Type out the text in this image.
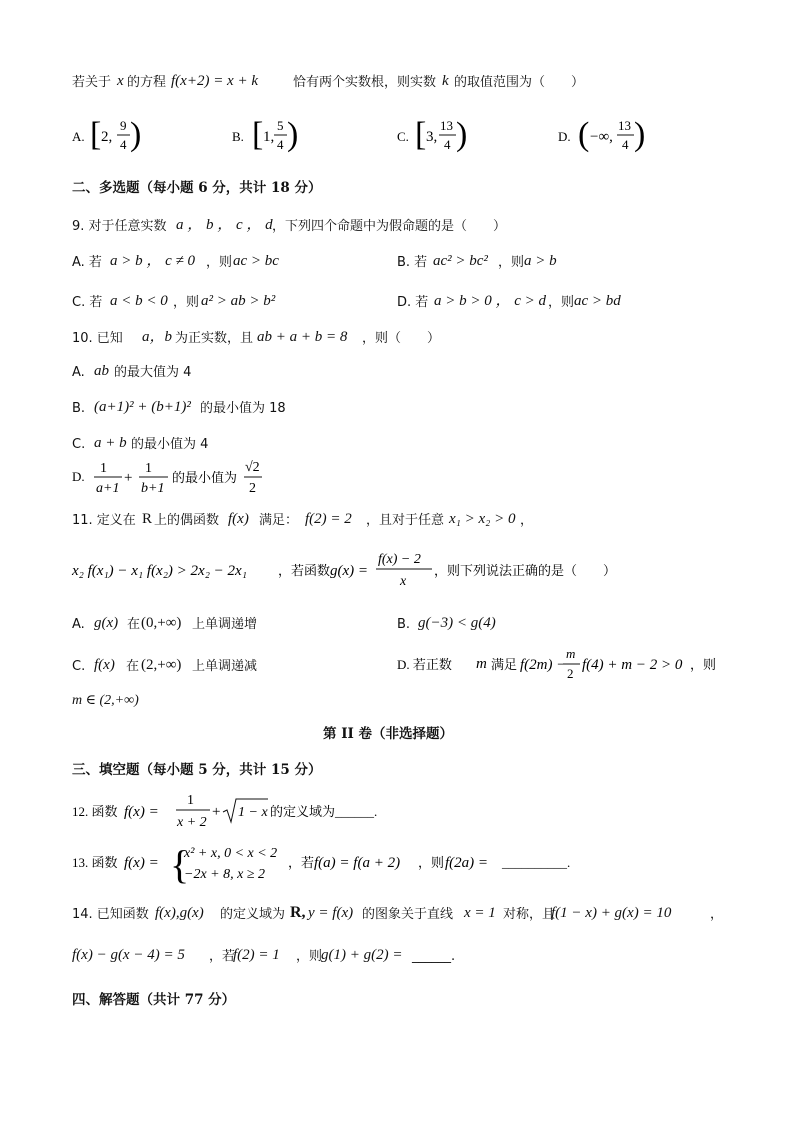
若关于 x 的方程 f(x+2) = x + k	恰有两个实数根，则实数 k 的取值范围为（　　）
A. [ 2,
9
4 )	B. [ 1,
5
4 )	C. [ 3,
13
4 )	D. ( −∞,
13
4 )
二、多选题（每小题 6 分，共计 18 分）
9. 对于任意实数 a ， b ， c ， d ，下列四个命题中为假命题的是（　　）
A. 若 a > b ， c ≠ 0 ，则 ac > bc	B. 若 ac² > bc² ，则 a > b
C. 若 a < b < 0 ，则 a² > ab > b²	D. 若 a > b > 0 ， c > d ，则 ac > bd
10. 已知 a，b 为正实数，且 ab + a + b = 8 ，则（　　）
A. ab 的最大值为 4
B. (a+1)² + (b+1)² 的最小值为 18
C. a + b 的最小值为 4
D.
1
a+1
+
1
b+1
的最小值为
√2
2
11. 定义在 R 上的偶函数 f(x) 满足： f(2) = 2 ，且对于任意 x₁ > x₂ > 0 ，
x₂ f(x₁) − x₁ f(x₂) > 2x₂ − 2x₁ ，若函数 g(x) =
f(x) − 2
x
，则下列说法正确的是（　　）
A. g(x) 在 (0,+∞) 上单调递增	B. g(−3) < g(4)
C. f(x) 在 (2,+∞) 上单调递减	D. 若正数 m 满足 f(2m) −
m
2
f(4) + m − 2 > 0 ，则
m ∈ (2,+∞)
第 II 卷（非选择题）
三、填空题（每小题 5 分，共计 15 分）
12. 函数 f(x) =
1
x + 2
+ 1 − x 的定义域为______.
13. 函数 f(x) = {
x² + x, 0 < x < 2
−2x + 8, x ≥ 2
，若 f(a) = f(a + 2) ，则 f(2a) = __________.
14. 已知函数 f(x),g(x) 的定义域为 R, y = f(x) 的图象关于直线 x = 1 对称，且
f(1 − x) + g(x) = 10	，
f(x) − g(x − 4) = 5 ，若
f(2) = 1 ，则
g(1) + g(2) = ______.
四、解答题（共计 77 分）
